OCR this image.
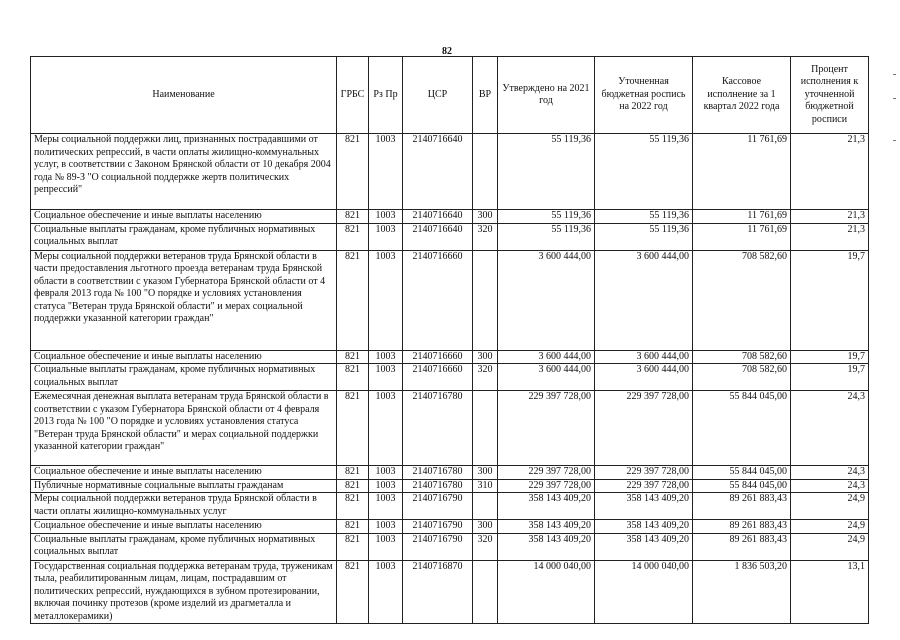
82
Наименование	ГРБС	Рз Пр	ЦСР	ВР	Утверждено на 2021 год	Уточненная бюджетная роспись на 2022 год	Кассовое исполнение за 1 квартал 2022 года	Процент исполнения к уточненной бюджетной росписи
Меры социальной поддержки лиц, признанных пострадавшими от политических репрессий, в части оплаты жилищно-коммунальных услуг, в соответствии с Законом Брянской области от 10 декабря 2004 года № 89-З "О социальной поддержке жертв политических репрессий"	821	1003	2140716640		55 119,36	55 119,36	11 761,69	21,3
Социальное обеспечение и иные выплаты населению	821	1003	2140716640	300	55 119,36	55 119,36	11 761,69	21,3
Социальные выплаты гражданам, кроме публичных нормативных социальных выплат	821	1003	2140716640	320	55 119,36	55 119,36	11 761,69	21,3
Меры социальной поддержки ветеранов труда Брянской области в части предоставления льготного проезда ветеранам труда Брянской области в соответствии с указом Губернатора Брянской области от 4 февраля 2013 года № 100 "О порядке и условиях установления статуса "Ветеран труда Брянской области" и мерах социальной поддержки указанной категории граждан"	821	1003	2140716660		3 600 444,00	3 600 444,00	708 582,60	19,7
Социальное обеспечение и иные выплаты населению	821	1003	2140716660	300	3 600 444,00	3 600 444,00	708 582,60	19,7
Социальные выплаты гражданам, кроме публичных нормативных социальных выплат	821	1003	2140716660	320	3 600 444,00	3 600 444,00	708 582,60	19,7
Ежемесячная денежная выплата ветеранам труда Брянской области в соответствии с указом Губернатора Брянской области от 4 февраля 2013 года № 100 "О порядке и условиях установления статуса "Ветеран труда Брянской области" и мерах социальной поддержки указанной категории граждан"	821	1003	2140716780		229 397 728,00	229 397 728,00	55 844 045,00	24,3
Социальное обеспечение и иные выплаты населению	821	1003	2140716780	300	229 397 728,00	229 397 728,00	55 844 045,00	24,3
Публичные нормативные социальные выплаты гражданам	821	1003	2140716780	310	229 397 728,00	229 397 728,00	55 844 045,00	24,3
Меры социальной поддержки ветеранов труда Брянской области в части оплаты жилищно-коммунальных услуг	821	1003	2140716790		358 143 409,20	358 143 409,20	89 261 883,43	24,9
Социальное обеспечение и иные выплаты населению	821	1003	2140716790	300	358 143 409,20	358 143 409,20	89 261 883,43	24,9
Социальные выплаты гражданам, кроме публичных нормативных социальных выплат	821	1003	2140716790	320	358 143 409,20	358 143 409,20	89 261 883,43	24,9
Государственная социальная поддержка ветеранам труда, труженикам тыла, реабилитированным лицам, лицам, пострадавшим от политических репрессий, нуждающихся в зубном протезировании, включая починку протезов (кроме изделий из драгметалла и металлокерамики)	821	1003	2140716870		14 000 040,00	14 000 040,00	1 836 503,20	13,1
